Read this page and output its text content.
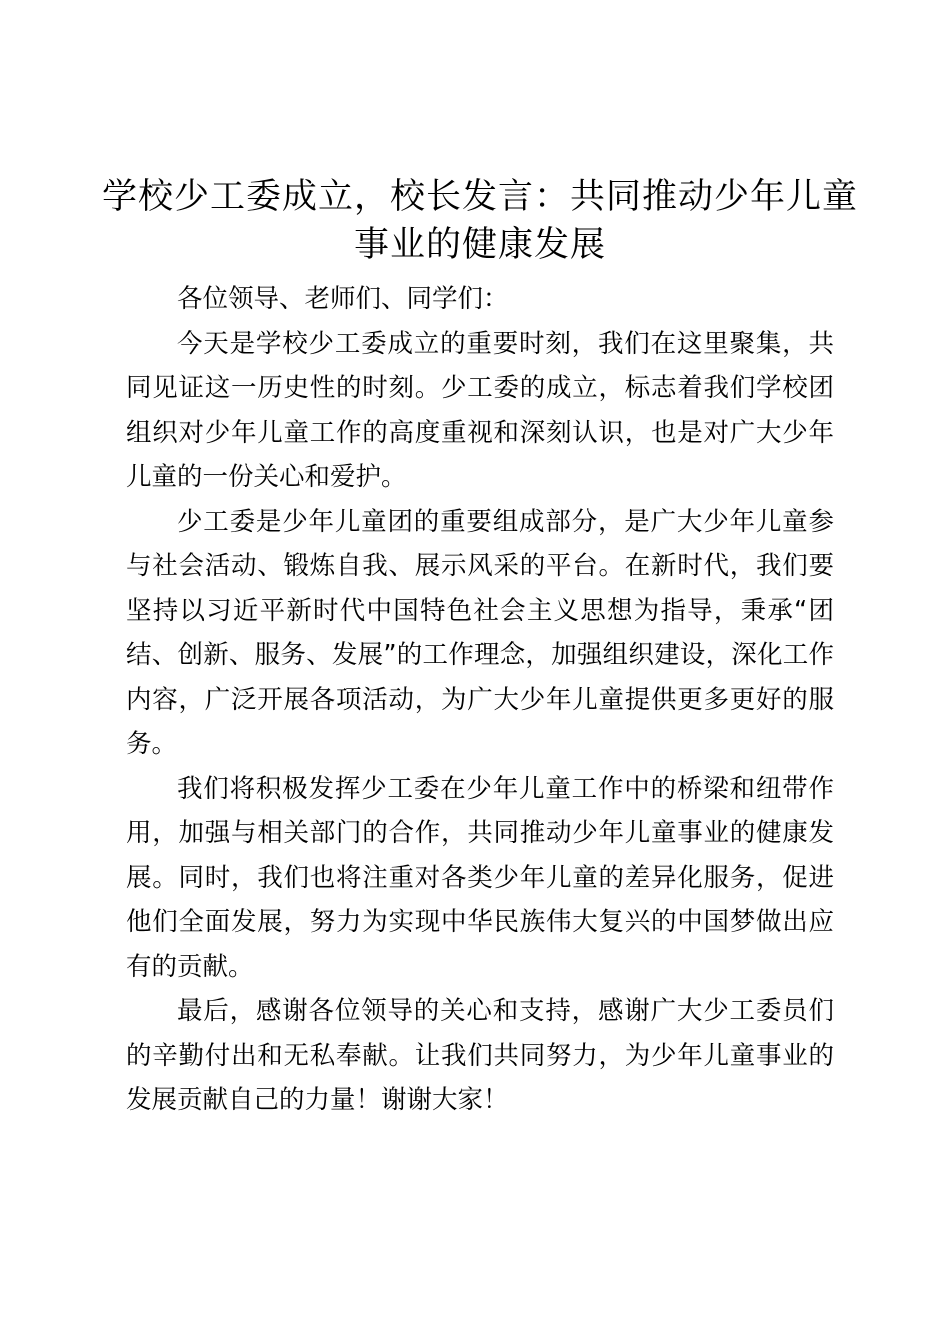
学校少工委成立，校长发言：共同推动少年儿童事业的健康发展

各位领导、老师们、同学们：

今天是学校少工委成立的重要时刻，我们在这里聚集，共同见证这一历史性的时刻。少工委的成立，标志着我们学校团组织对少年儿童工作的高度重视和深刻认识，也是对广大少年儿童的一份关心和爱护。

少工委是少年儿童团的重要组成部分，是广大少年儿童参与社会活动、锻炼自我、展示风采的平台。在新时代，我们要坚持以习近平新时代中国特色社会主义思想为指导，秉承“团结、创新、服务、发展”的工作理念，加强组织建设，深化工作内容，广泛开展各项活动，为广大少年儿童提供更多更好的服务。

我们将积极发挥少工委在少年儿童工作中的桥梁和纽带作用，加强与相关部门的合作，共同推动少年儿童事业的健康发展。同时，我们也将注重对各类少年儿童的差异化服务，促进他们全面发展，努力为实现中华民族伟大复兴的中国梦做出应有的贡献。

最后，感谢各位领导的关心和支持，感谢广大少工委员们的辛勤付出和无私奉献。让我们共同努力，为少年儿童事业的发展贡献自己的力量！谢谢大家！
